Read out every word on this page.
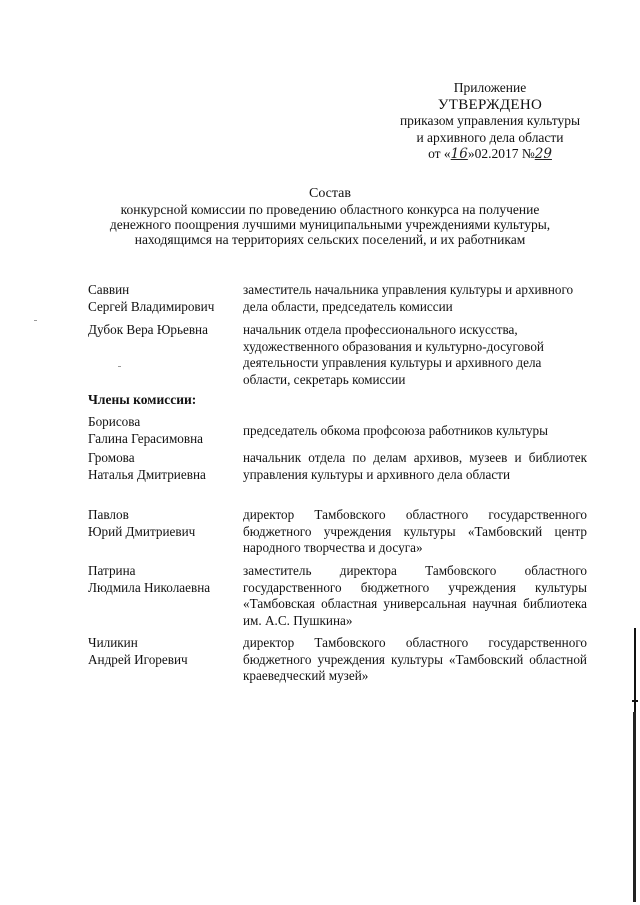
Приложение
УТВЕРЖДЕНО
приказом управления культуры
и архивного дела области
от «16»02.2017 №29
Состав
конкурсной комиссии по проведению областного конкурса на получение
денежного поощрения лучшими муниципальными учреждениями культуры,
находящимся на территориях сельских поселений, и их работникам
Саввин
Сергей Владимирович
заместитель начальника управления культуры и архивного дела области, председатель комиссии
Дубок Вера Юрьевна	начальник отдела профессионального искусства, художественного образования и культурно-досуговой деятельности управления культуры и архивного дела области, секретарь комиссии
Члены комиссии:
Борисова
Галина Герасимовна	председатель обкома профсоюза работников культуры
Громова
Наталья Дмитриевна
начальник отдела по делам архивов, музеев и библиотек управления культуры и архивного дела области
Павлов
Юрий Дмитриевич
директор Тамбовского областного государственного бюджетного учреждения культуры «Тамбовский центр народного творчества и досуга»
Патрина
Людмила Николаевна
заместитель директора Тамбовского областного государственного бюджетного учреждения культуры «Тамбовская областная универсальная научная библиотека им. А.С. Пушкина»
Чиликин
Андрей Игоревич
директор Тамбовского областного государственного бюджетного учреждения культуры «Тамбовский областной краеведческий музей»
